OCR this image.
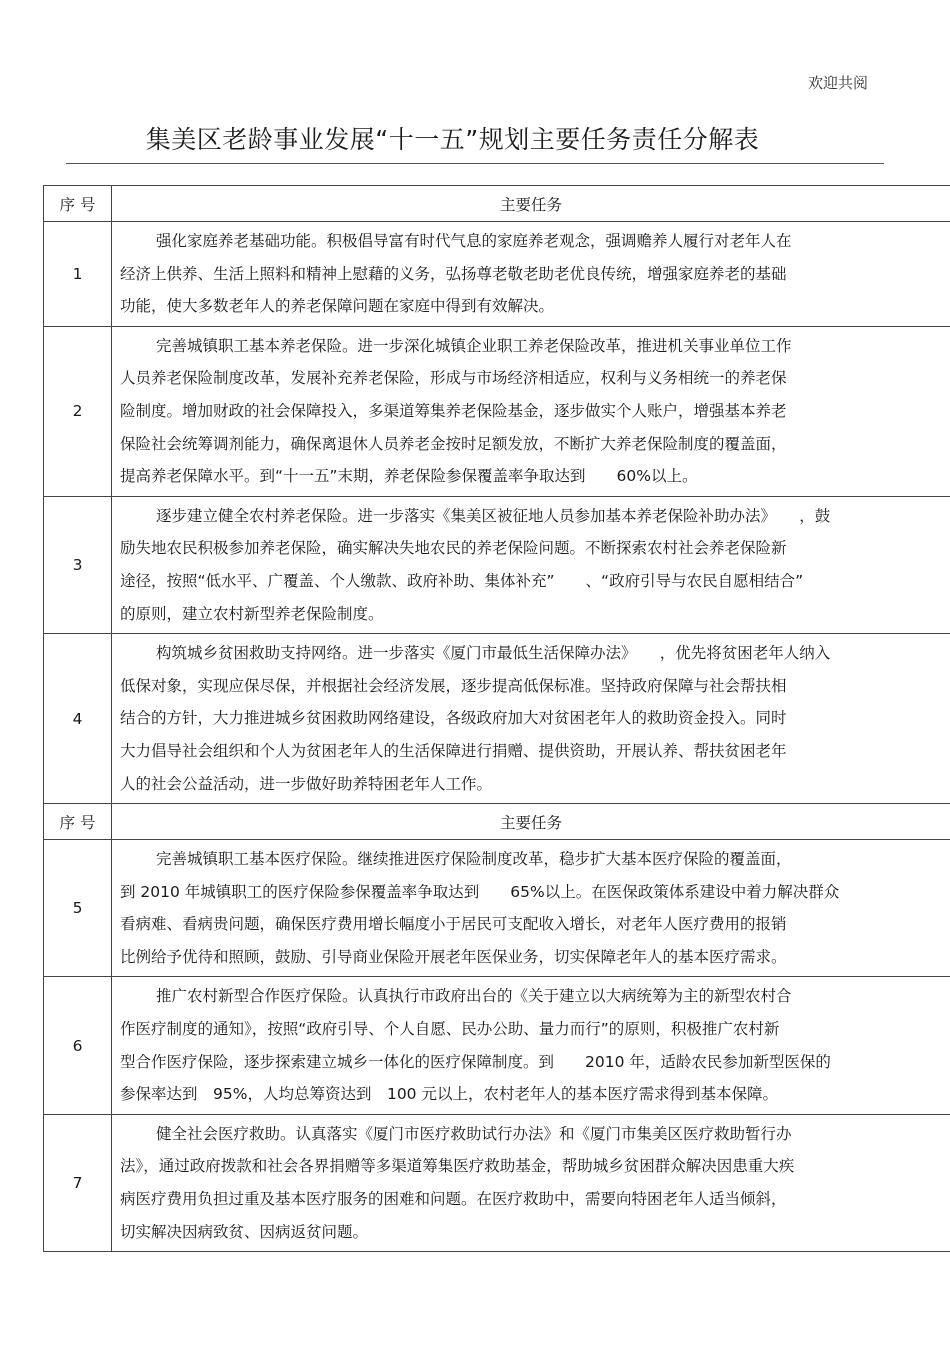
欢迎共阅
集美区老龄事业发展“十一五”规划主要任务责任分解表
序 号	主要任务
1	强化家庭养老基础功能。积极倡导富有时代气息的家庭养老观念，强调赡养人履行对老年人在
经济上供养、生活上照料和精神上慰藉的义务，弘扬尊老敬老助老优良传统，增强家庭养老的基础
功能，使大多数老年人的养老保障问题在家庭中得到有效解决。

2	完善城镇职工基本养老保险。进一步深化城镇企业职工养老保险改革，推进机关事业单位工作
人员养老保险制度改革，发展补充养老保险，形成与市场经济相适应，权利与义务相统一的养老保
险制度。增加财政的社会保障投入，多渠道筹集养老保险基金，逐步做实个人账户，增强基本养老
保险社会统筹调剂能力，确保离退休人员养老金按时足额发放，不断扩大养老保险制度的覆盖面，
提高养老保障水平。到“十一五”末期，养老保险参保覆盖率争取达到　　60%以上。

3	逐步建立健全农村养老保险。进一步落实《集美区被征地人员参加基本养老保险补助办法》　　，鼓
励失地农民积极参加养老保险，确实解决失地农民的养老保险问题。不断探索农村社会养老保险新
途径，按照“低水平、广覆盖、个人缴款、政府补助、集体补充”　　、“政府引导与农民自愿相结合”
的原则，建立农村新型养老保险制度。

4	构筑城乡贫困救助支持网络。进一步落实《厦门市最低生活保障办法》　　，优先将贫困老年人纳入
低保对象，实现应保尽保，并根据社会经济发展，逐步提高低保标准。坚持政府保障与社会帮扶相
结合的方针，大力推进城乡贫困救助网络建设，各级政府加大对贫困老年人的救助资金投入。同时
大力倡导社会组织和个人为贫困老年人的生活保障进行捐赠、提供资助，开展认养、帮扶贫困老年
人的社会公益活动，进一步做好助养特困老年人工作。

序 号	主要任务
5	完善城镇职工基本医疗保险。继续推进医疗保险制度改革，稳步扩大基本医疗保险的覆盖面，
到 2010 年城镇职工的医疗保险参保覆盖率争取达到　　65%以上。在医保政策体系建设中着力解决群众
看病难、看病贵问题，确保医疗费用增长幅度小于居民可支配收入增长，对老年人医疗费用的报销
比例给予优待和照顾，鼓励、引导商业保险开展老年医保业务，切实保障老年人的基本医疗需求。

6	推广农村新型合作医疗保险。认真执行市政府出台的《关于建立以大病统筹为主的新型农村合
作医疗制度的通知》，按照“政府引导、个人自愿、民办公助、量力而行”的原则，积极推广农村新
型合作医疗保险，逐步探索建立城乡一体化的医疗保障制度。到　　2010 年，适龄农民参加新型医保的
参保率达到　95%，人均总筹资达到　100 元以上，农村老年人的基本医疗需求得到基本保障。

7	健全社会医疗救助。认真落实《厦门市医疗救助试行办法》和《厦门市集美区医疗救助暂行办
法》，通过政府拨款和社会各界捐赠等多渠道筹集医疗救助基金，帮助城乡贫困群众解决因患重大疾
病医疗费用负担过重及基本医疗服务的困难和问题。在医疗救助中，需要向特困老年人适当倾斜，
切实解决因病致贫、因病返贫问题。
